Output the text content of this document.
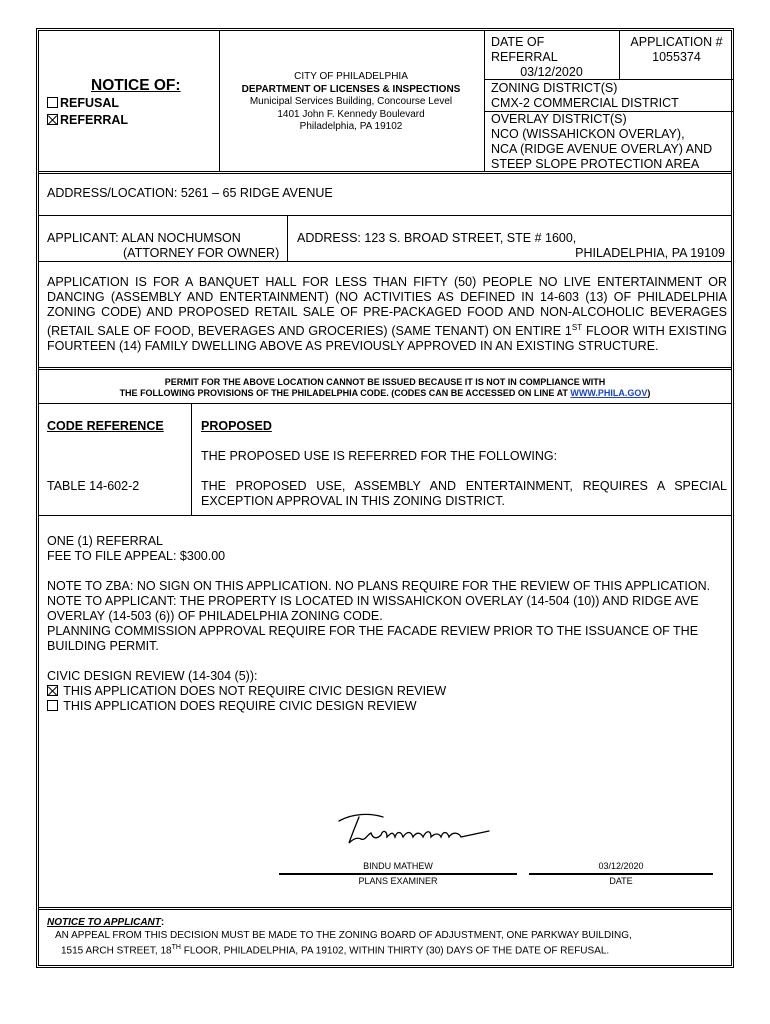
NOTICE OF:
REFUSAL
REFERRAL
CITY OF PHILADELPHIA
DEPARTMENT OF LICENSES & INSPECTIONS
Municipal Services Building, Concourse Level
1401 John F. Kennedy Boulevard
Philadelphia, PA 19102
DATE OF
REFERRAL
03/12/2020
APPLICATION #
1055374
ZONING DISTRICT(S)
CMX-2 COMMERCIAL DISTRICT
OVERLAY DISTRICT(S)
NCO (WISSAHICKON OVERLAY),
NCA (RIDGE AVENUE OVERLAY) AND
STEEP SLOPE PROTECTION AREA
ADDRESS/LOCATION: 5261 – 65 RIDGE AVENUE
APPLICANT: ALAN NOCHUMSON
(ATTORNEY FOR OWNER)
ADDRESS: 123 S. BROAD STREET, STE # 1600,
PHILADELPHIA, PA 19109
APPLICATION IS FOR A BANQUET HALL FOR LESS THAN FIFTY (50) PEOPLE NO LIVE ENTERTAINMENT OR DANCING (ASSEMBLY AND ENTERTAINMENT) (NO ACTIVITIES AS DEFINED IN 14-603 (13) OF PHILADELPHIA ZONING CODE) AND PROPOSED RETAIL SALE OF PRE-PACKAGED FOOD AND NON-ALCOHOLIC BEVERAGES (RETAIL SALE OF FOOD, BEVERAGES AND GROCERIES) (SAME TENANT) ON ENTIRE 1ST FLOOR WITH EXISTING FOURTEEN (14) FAMILY DWELLING ABOVE AS PREVIOUSLY APPROVED IN AN EXISTING STRUCTURE.
PERMIT FOR THE ABOVE LOCATION CANNOT BE ISSUED BECAUSE IT IS NOT IN COMPLIANCE WITH
THE FOLLOWING PROVISIONS OF THE PHILADELPHIA CODE. (CODES CAN BE ACCESSED ON LINE AT WWW.PHILA.GOV)
CODE REFERENCE	PROPOSED
THE PROPOSED USE IS REFERRED FOR THE FOLLOWING:
TABLE 14-602-2	THE PROPOSED USE, ASSEMBLY AND ENTERTAINMENT, REQUIRES A SPECIAL EXCEPTION APPROVAL IN THIS ZONING DISTRICT.
ONE (1) REFERRAL
FEE TO FILE APPEAL: $300.00
NOTE TO ZBA: NO SIGN ON THIS APPLICATION. NO PLANS REQUIRE FOR THE REVIEW OF THIS APPLICATION.
NOTE TO APPLICANT: THE PROPERTY IS LOCATED IN WISSAHICKON OVERLAY (14-504 (10)) AND RIDGE AVE OVERLAY (14-503 (6)) OF PHILADELPHIA ZONING CODE.
PLANNING COMMISSION APPROVAL REQUIRE FOR THE FACADE REVIEW PRIOR TO THE ISSUANCE OF THE BUILDING PERMIT.
CIVIC DESIGN REVIEW (14-304 (5)):
THIS APPLICATION DOES NOT REQUIRE CIVIC DESIGN REVIEW
THIS APPLICATION DOES REQUIRE CIVIC DESIGN REVIEW
BINDU MATHEW
PLANS EXAMINER
03/12/2020
DATE
NOTICE TO APPLICANT:
AN APPEAL FROM THIS DECISION MUST BE MADE TO THE ZONING BOARD OF ADJUSTMENT, ONE PARKWAY BUILDING,
1515 ARCH STREET, 18TH FLOOR, PHILADELPHIA, PA 19102, WITHIN THIRTY (30) DAYS OF THE DATE OF REFUSAL.
